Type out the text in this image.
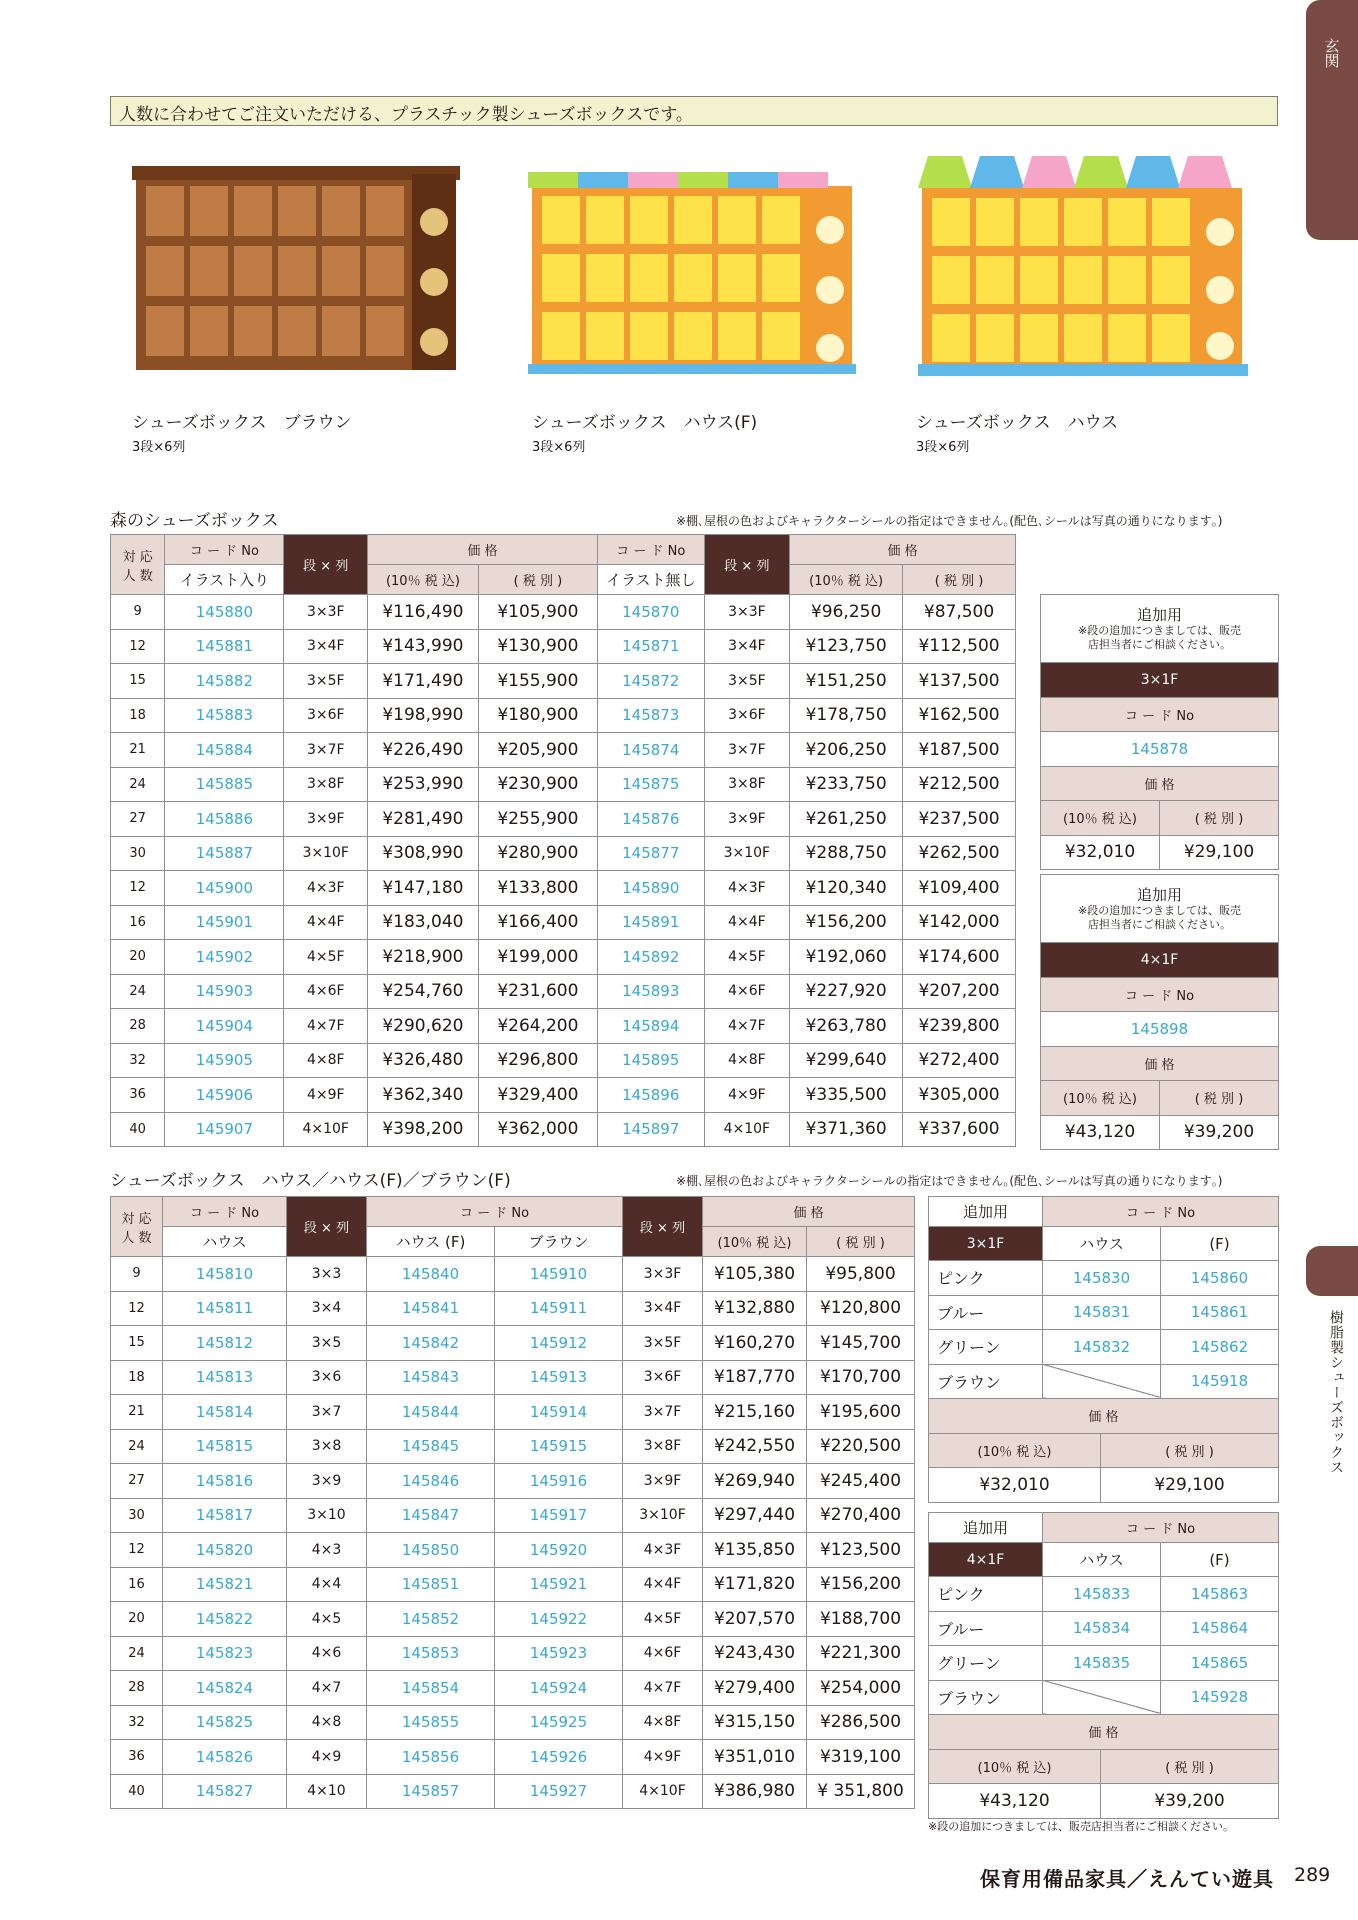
玄関
樹脂製シューズボックス
人数に合わせてご注文いただける、プラスチック製シューズボックスです。
シューズボックス　ブラウン
3段×6列
シューズボックス　ハウス(F)
3段×6列
シューズボックス　ハウス
3段×6列
森のシューズボックス	※棚､屋根の色およびキャラクターシールの指定はできません｡(配色､シールは写真の通りになります｡)
対 応
人 数	コ ー ド No	段 × 列	価 格		コ ー ド No	段 × 列	価 格	
	イラスト入り		(10％ 税 込)	( 税 別 )	イラスト無し		(10％ 税 込)	( 税 別 )
9	145880	3×3F	¥116,490	¥105,900	145870	3×3F	¥96,250	¥87,500
12	145881	3×4F	¥143,990	¥130,900	145871	3×4F	¥123,750	¥112,500
15	145882	3×5F	¥171,490	¥155,900	145872	3×5F	¥151,250	¥137,500
18	145883	3×6F	¥198,990	¥180,900	145873	3×6F	¥178,750	¥162,500
21	145884	3×7F	¥226,490	¥205,900	145874	3×7F	¥206,250	¥187,500
24	145885	3×8F	¥253,990	¥230,900	145875	3×8F	¥233,750	¥212,500
27	145886	3×9F	¥281,490	¥255,900	145876	3×9F	¥261,250	¥237,500
30	145887	3×10F	¥308,990	¥280,900	145877	3×10F	¥288,750	¥262,500
12	145900	4×3F	¥147,180	¥133,800	145890	4×3F	¥120,340	¥109,400
16	145901	4×4F	¥183,040	¥166,400	145891	4×4F	¥156,200	¥142,000
20	145902	4×5F	¥218,900	¥199,000	145892	4×5F	¥192,060	¥174,600
24	145903	4×6F	¥254,760	¥231,600	145893	4×6F	¥227,920	¥207,200
28	145904	4×7F	¥290,620	¥264,200	145894	4×7F	¥263,780	¥239,800
32	145905	4×8F	¥326,480	¥296,800	145895	4×8F	¥299,640	¥272,400
36	145906	4×9F	¥362,340	¥329,400	145896	4×9F	¥335,500	¥305,000
40	145907	4×10F	¥398,200	¥362,000	145897	4×10F	¥371,360	¥337,600
追加用
※段の追加につきましては、販売
店担当者にご相談ください。	

3×1F	
コ ー ド No	
145878	
価 格	
(10％ 税 込)	( 税 別 )
¥32,010	¥29,100
追加用
※段の追加につきましては、販売
店担当者にご相談ください。	

4×1F	
コ ー ド No	
145898	
価 格	
(10％ 税 込)	( 税 別 )
¥43,120	¥39,200
シューズボックス　ハウス／ハウス(F)／ブラウン(F)	※棚､屋根の色およびキャラクターシールの指定はできません｡(配色､シールは写真の通りになります｡)
対 応
人 数	コ ー ド No	段 × 列	コ ー ド No		段 × 列	価 格	
	ハウス		ハウス (F)	ブラウン		(10％ 税 込)	( 税 別 )
9	145810	3×3	145840	145910	3×3F	¥105,380	¥95,800
12	145811	3×4	145841	145911	3×4F	¥132,880	¥120,800
15	145812	3×5	145842	145912	3×5F	¥160,270	¥145,700
18	145813	3×6	145843	145913	3×6F	¥187,770	¥170,700
21	145814	3×7	145844	145914	3×7F	¥215,160	¥195,600
24	145815	3×8	145845	145915	3×8F	¥242,550	¥220,500
27	145816	3×9	145846	145916	3×9F	¥269,940	¥245,400
30	145817	3×10	145847	145917	3×10F	¥297,440	¥270,400
12	145820	4×3	145850	145920	4×3F	¥135,850	¥123,500
16	145821	4×4	145851	145921	4×4F	¥171,820	¥156,200
20	145822	4×5	145852	145922	4×5F	¥207,570	¥188,700
24	145823	4×6	145853	145923	4×6F	¥243,430	¥221,300
28	145824	4×7	145854	145924	4×7F	¥279,400	¥254,000
32	145825	4×8	145855	145925	4×8F	¥315,150	¥286,500
36	145826	4×9	145856	145926	4×9F	¥351,010	¥319,100
40	145827	4×10	145857	145927	4×10F	¥386,980	¥ 351,800
追加用	コ ー ド No		
3×1F	ハウス		(F)
ピンク	145830		145860
ブルー	145831		145861
グリーン	145832		145862
ブラウン			145918
価 格			
(10％ 税 込)		( 税 別 )	
¥32,010		¥29,100	
追加用	コ ー ド No		
4×1F	ハウス		(F)
ピンク	145833		145863
ブルー	145834		145864
グリーン	145835		145865
ブラウン			145928
価 格			
(10％ 税 込)		( 税 別 )	
¥43,120		¥39,200	
※段の追加につきましては、販売店担当者にご相談ください。
保育用備品家具／えんてい遊具 289
